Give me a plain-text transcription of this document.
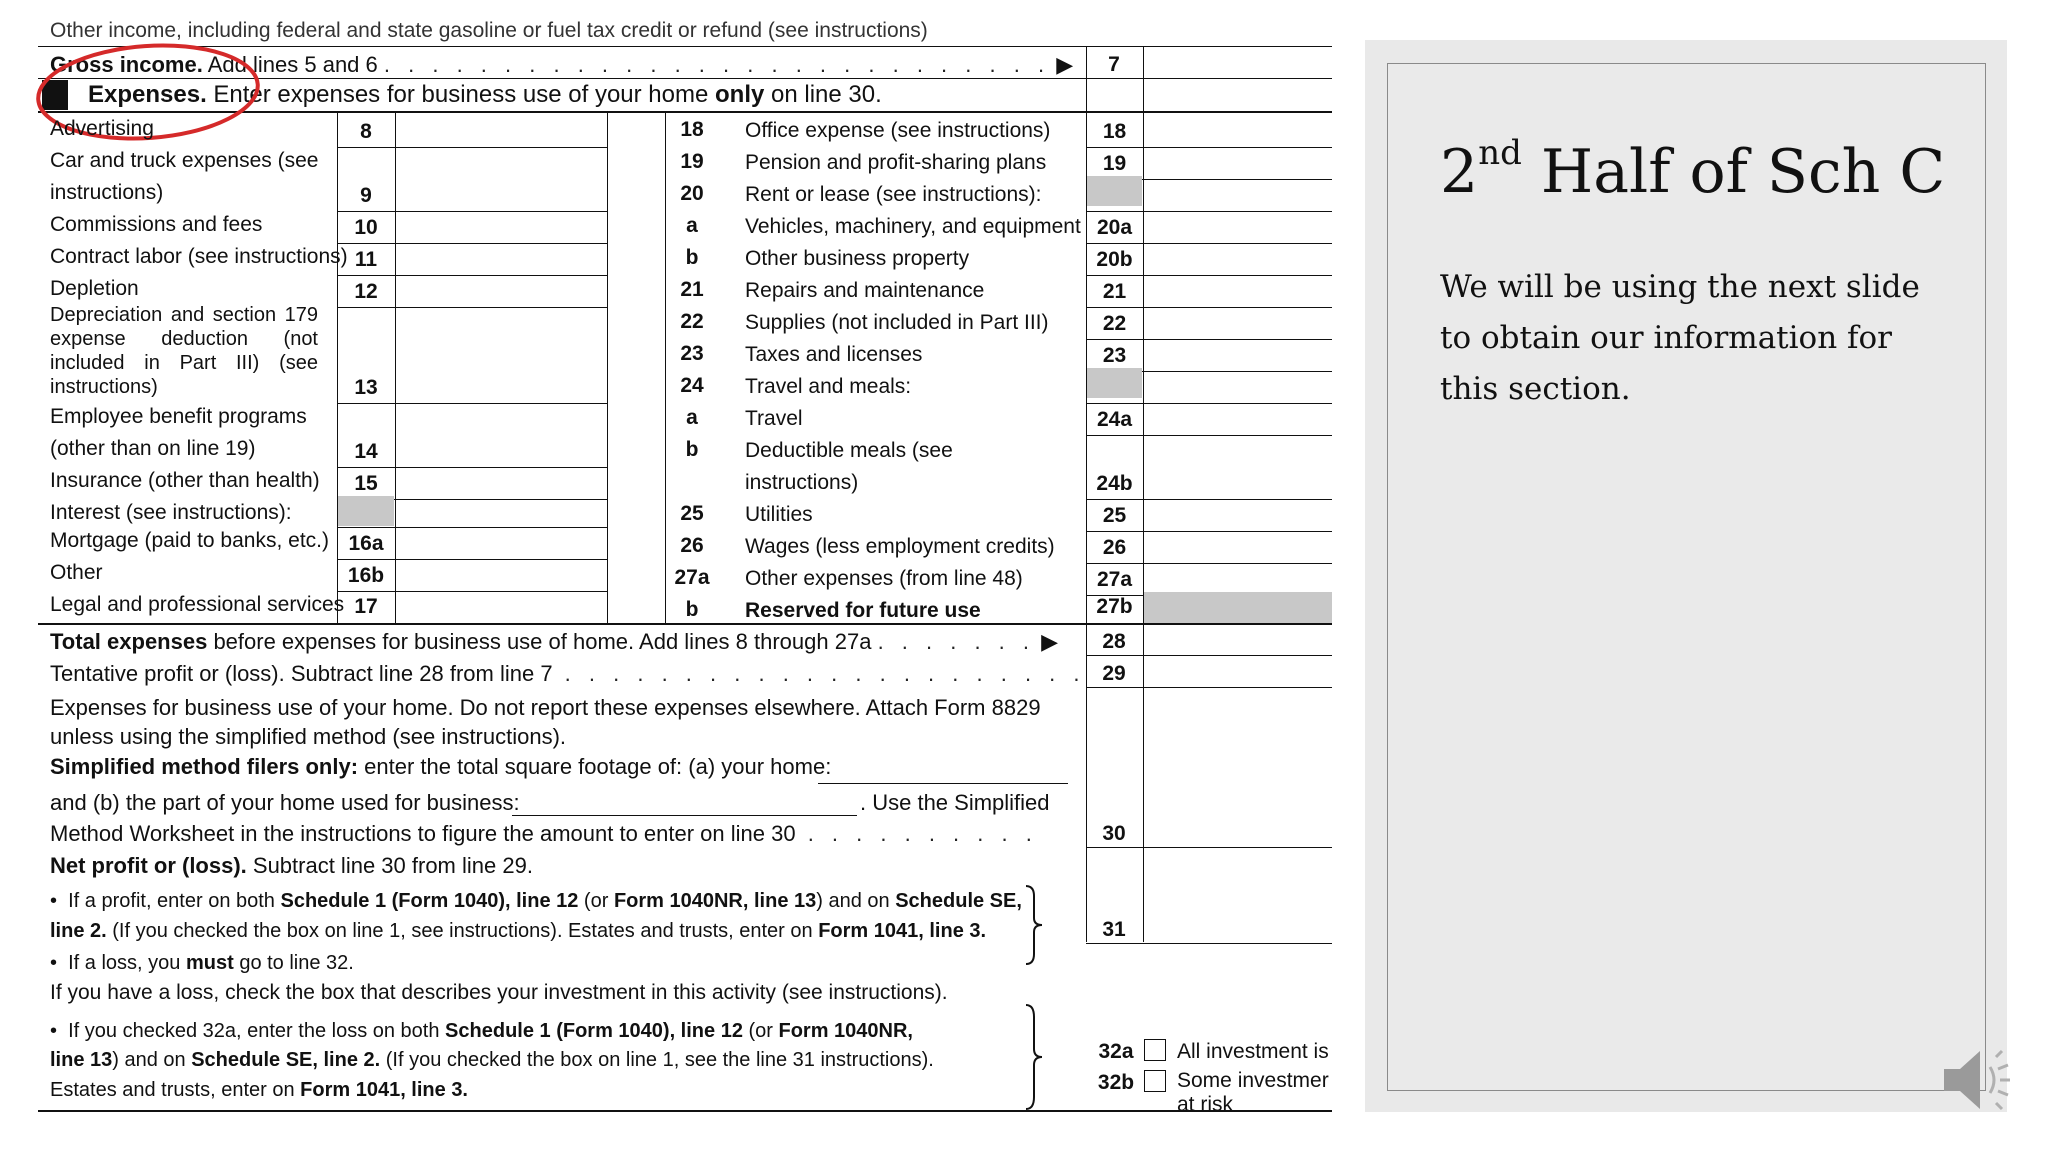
Other income, including federal and state gasoline or fuel tax credit or refund (see instructions)
Gross income. Add lines 5 and 6 . . . . . . . . . . . . . . . . . . . . . . . . . . . . ▶	7
Expenses. Enter expenses for business use of your home only on line 30.
Advertising	8
Car and truck expenses (see
instructions)	9
Commissions and fees	10
Contract labor (see instructions) 11
Depletion	12
Depreciation and section 179
expense deduction (not
included in Part III) (see
instructions)	13
Employee benefit programs
(other than on line 19)	14
Insurance (other than health)	15
Interest (see instructions):
Mortgage (paid to banks, etc.) 16a
Other	16b
Legal and professional services 17
18	Office expense (see instructions)	18
19	Pension and profit-sharing plans	19
20	Rent or lease (see instructions):
a	Vehicles, machinery, and equipment 20a
b	Other business property	20b
21	Repairs and maintenance	21
22	Supplies (not included in Part III)	22
23	Taxes and licenses	23
24	Travel and meals:
a	Travel	24a
b	Deductible meals (see
instructions)	24b
25	Utilities	25
26	Wages (less employment credits)	26
27a	Other expenses (from line 48)	27a
b	Reserved for future use	27b
Total expenses before expenses for business use of home. Add lines 8 through 27a . . . . . . . ▶	28
Tentative profit or (loss). Subtract line 28 from line 7 . . . . . . . . . . . . . . . . . . . . . . 29
Expenses for business use of your home. Do not report these expenses elsewhere. Attach Form 8829
unless using the simplified method (see instructions).
Simplified method filers only: enter the total square footage of: (a) your home:
and (b) the part of your home used for business:	. Use the Simplified
Method Worksheet in the instructions to figure the amount to enter on line 30 . . . . . . . . . .	30
Net profit or (loss). Subtract line 30 from line 29.
•  If a profit, enter on both Schedule 1 (Form 1040), line 12 (or Form 1040NR, line 13) and on Schedule SE,
line 2. (If you checked the box on line 1, see instructions). Estates and trusts, enter on Form 1041, line 3.
•  If a loss, you must go to line 32.
31
If you have a loss, check the box that describes your investment in this activity (see instructions).
•  If you checked 32a, enter the loss on both Schedule 1 (Form 1040), line 12 (or Form 1040NR,
line 13) and on Schedule SE, line 2. (If you checked the box on line 1, see the line 31 instructions).
Estates and trusts, enter on Form 1041, line 3.
32a	All investment is
32b Some investmer
at risk
2nd Half of Sch C
We will be using the next slide to obtain our information for this section.
